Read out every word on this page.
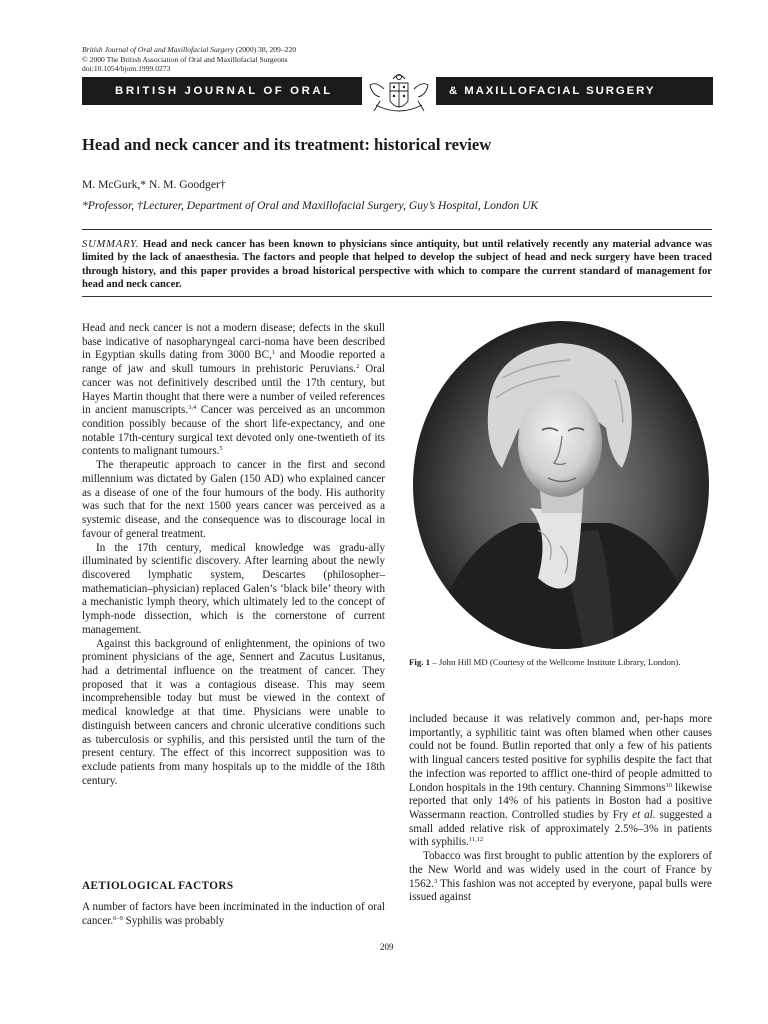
British Journal of Oral and Maxillofacial Surgery (2000) 38, 209–220
© 2000 The British Association of Oral and Maxillofacial Surgeons
doi:10.1054/bjom.1999.0273
BRITISH JOURNAL OF ORAL	& MAXILLOFACIAL SURGERY
Head and neck cancer and its treatment: historical review
M. McGurk,* N. M. Goodger†
*Professor, †Lecturer, Department of Oral and Maxillofacial Surgery, Guy’s Hospital, London UK
SUMMARY. Head and neck cancer has been known to physicians since antiquity, but until relatively recently any material advance was limited by the lack of anaesthesia. The factors and people that helped to develop the subject of head and neck surgery have been traced through history, and this paper provides a broad historical perspective with which to compare the current standard of management for head and neck cancer.

Head and neck cancer is not a modern disease; defects in the skull base indicative of nasopharyngeal carci-noma have been described in Egyptian skulls dating from 3000 BC,$^1$ and Moodie reported a range of jaw and skull tumours in prehistoric Peruvians.$^2$ Oral cancer was not definitively described until the 17th century, but Hayes Martin thought that there were a number of veiled references in ancient manuscripts.$^{3,4}$ Cancer was perceived as an uncommon condition possibly because of the short life-expectancy, and one notable 17th-century surgical text devoted only one-twentieth of its contents to malignant tumours.$^5$

The therapeutic approach to cancer in the first and second millennium was dictated by Galen (150 AD) who explained cancer as a disease of one of the four humours of the body. His authority was such that for the next 1500 years cancer was perceived as a systemic disease, and the consequence was to discourage local in favour of general treatment.

In the 17th century, medical knowledge was gradu-ally illuminated by scientific discovery. After learning about the newly discovered lymphatic system, Descartes (philosopher–mathematician–physician) replaced Galen’s ‘black bile’ theory with a mechanistic lymph theory, which ultimately led to the concept of lymph-node dissection, which is the cornerstone of current management.

Against this background of enlightenment, the opinions of two prominent physicians of the age, Sennert and Zacutus Lusitanus, had a detrimental influence on the treatment of cancer. They proposed that it was a contagious disease. This may seem incomprehensible today but must be viewed in the context of medical knowledge at that time. Physicians were unable to distinguish between cancers and chronic ulcerative conditions such as tuberculosis or syphilis, and this persisted until the turn of the present century. The effect of this incorrect supposition was to exclude patients from many hospitals up to the middle of the 18th century.

AETIOLOGICAL FACTORS

A number of factors have been incriminated in the induction of oral cancer.$^{6-9}$ Syphilis was probably

Fig. 1 – John Hill MD (Courtesy of the Wellcome Institute Library, London).

included because it was relatively common and, per-haps more importantly, a syphilitic taint was often blamed when other causes could not be found. Butlin reported that only a few of his patients with lingual cancers tested positive for syphilis despite the fact that the infection was reported to afflict one-third of people admitted to London hospitals in the 19th century. Channing Simmons$^{10}$ likewise reported that only 14% of his patients in Boston had a positive Wassermann reaction. Controlled studies by Fry et al. suggested a small added relative risk of approximately 2.5%–3% in patients with syphilis.$^{11,12}$

Tobacco was first brought to public attention by the explorers of the New World and was widely used in the court of France by 1562.$^3$ This fashion was not accepted by everyone, papal bulls were issued against

209
